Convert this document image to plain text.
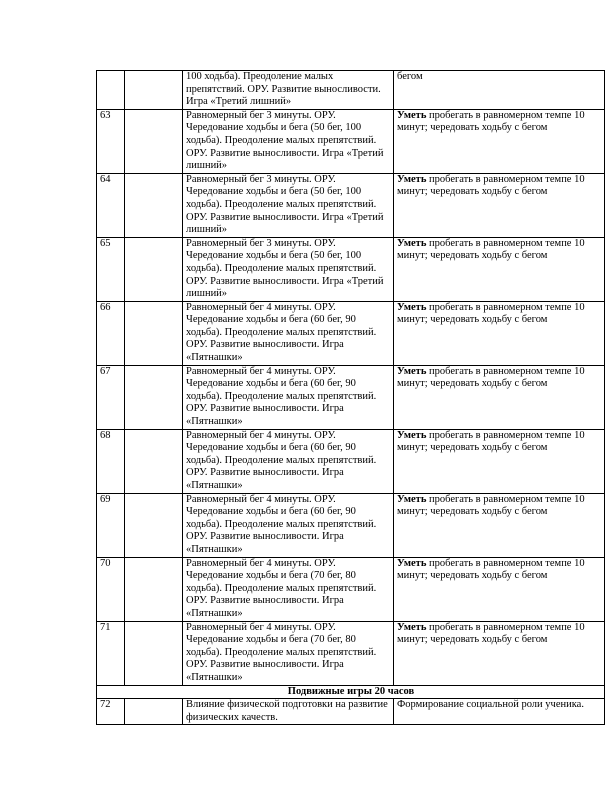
		100 ходьба). Преодоление малых препятствий. ОРУ. Развитие выносливости. Игра «Третий лишний»	бегом
63		Равномерный бег 3 минуты. ОРУ. Чередование ходьбы и бега (50 бег, 100 ходьба). Преодоление малых препятствий. ОРУ. Развитие выносливости. Игра «Третий лишний»	Уметь пробегать в равномерном темпе 10 минут; чередовать ходьбу с бегом
64		Равномерный бег 3 минуты. ОРУ. Чередование ходьбы и бега (50 бег, 100 ходьба). Преодоление малых препятствий. ОРУ. Развитие выносливости. Игра «Третий лишний»	Уметь пробегать в равномерном темпе 10 минут; чередовать ходьбу с бегом
65		Равномерный бег 3 минуты. ОРУ. Чередование ходьбы и бега (50 бег, 100 ходьба). Преодоление малых препятствий. ОРУ. Развитие выносливости. Игра «Третий лишний»	Уметь пробегать в равномерном темпе 10 минут; чередовать ходьбу с бегом
66		Равномерный бег 4 минуты. ОРУ. Чередование ходьбы и бега (60 бег, 90 ходьба). Преодоление малых препятствий. ОРУ. Развитие выносливости. Игра «Пятнашки»	Уметь пробегать в равномерном темпе 10 минут; чередовать ходьбу с бегом
67		Равномерный бег 4 минуты. ОРУ. Чередование ходьбы и бега (60 бег, 90 ходьба). Преодоление малых препятствий. ОРУ. Развитие выносливости. Игра «Пятнашки»	Уметь пробегать в равномерном темпе 10 минут; чередовать ходьбу с бегом
68		Равномерный бег 4 минуты. ОРУ. Чередование ходьбы и бега (60 бег, 90 ходьба). Преодоление малых препятствий. ОРУ. Развитие выносливости. Игра «Пятнашки»	Уметь пробегать в равномерном темпе 10 минут; чередовать ходьбу с бегом
69		Равномерный бег 4 минуты. ОРУ. Чередование ходьбы и бега (60 бег, 90 ходьба). Преодоление малых препятствий. ОРУ. Развитие выносливости. Игра «Пятнашки»	Уметь пробегать в равномерном темпе 10 минут; чередовать ходьбу с бегом
70		Равномерный бег 4 минуты. ОРУ. Чередование ходьбы и бега (70 бег, 80 ходьба). Преодоление малых препятствий. ОРУ. Развитие выносливости. Игра «Пятнашки»	Уметь пробегать в равномерном темпе 10 минут; чередовать ходьбу с бегом
71		Равномерный бег 4 минуты. ОРУ. Чередование ходьбы и бега (70 бег, 80 ходьба). Преодоление малых препятствий. ОРУ. Развитие выносливости. Игра «Пятнашки»	Уметь пробегать в равномерном темпе 10 минут; чередовать ходьбу с бегом
Подвижные игры 20 часов			
72		Влияние физической подготовки на развитие физических качеств.	Формирование социальной роли ученика.
